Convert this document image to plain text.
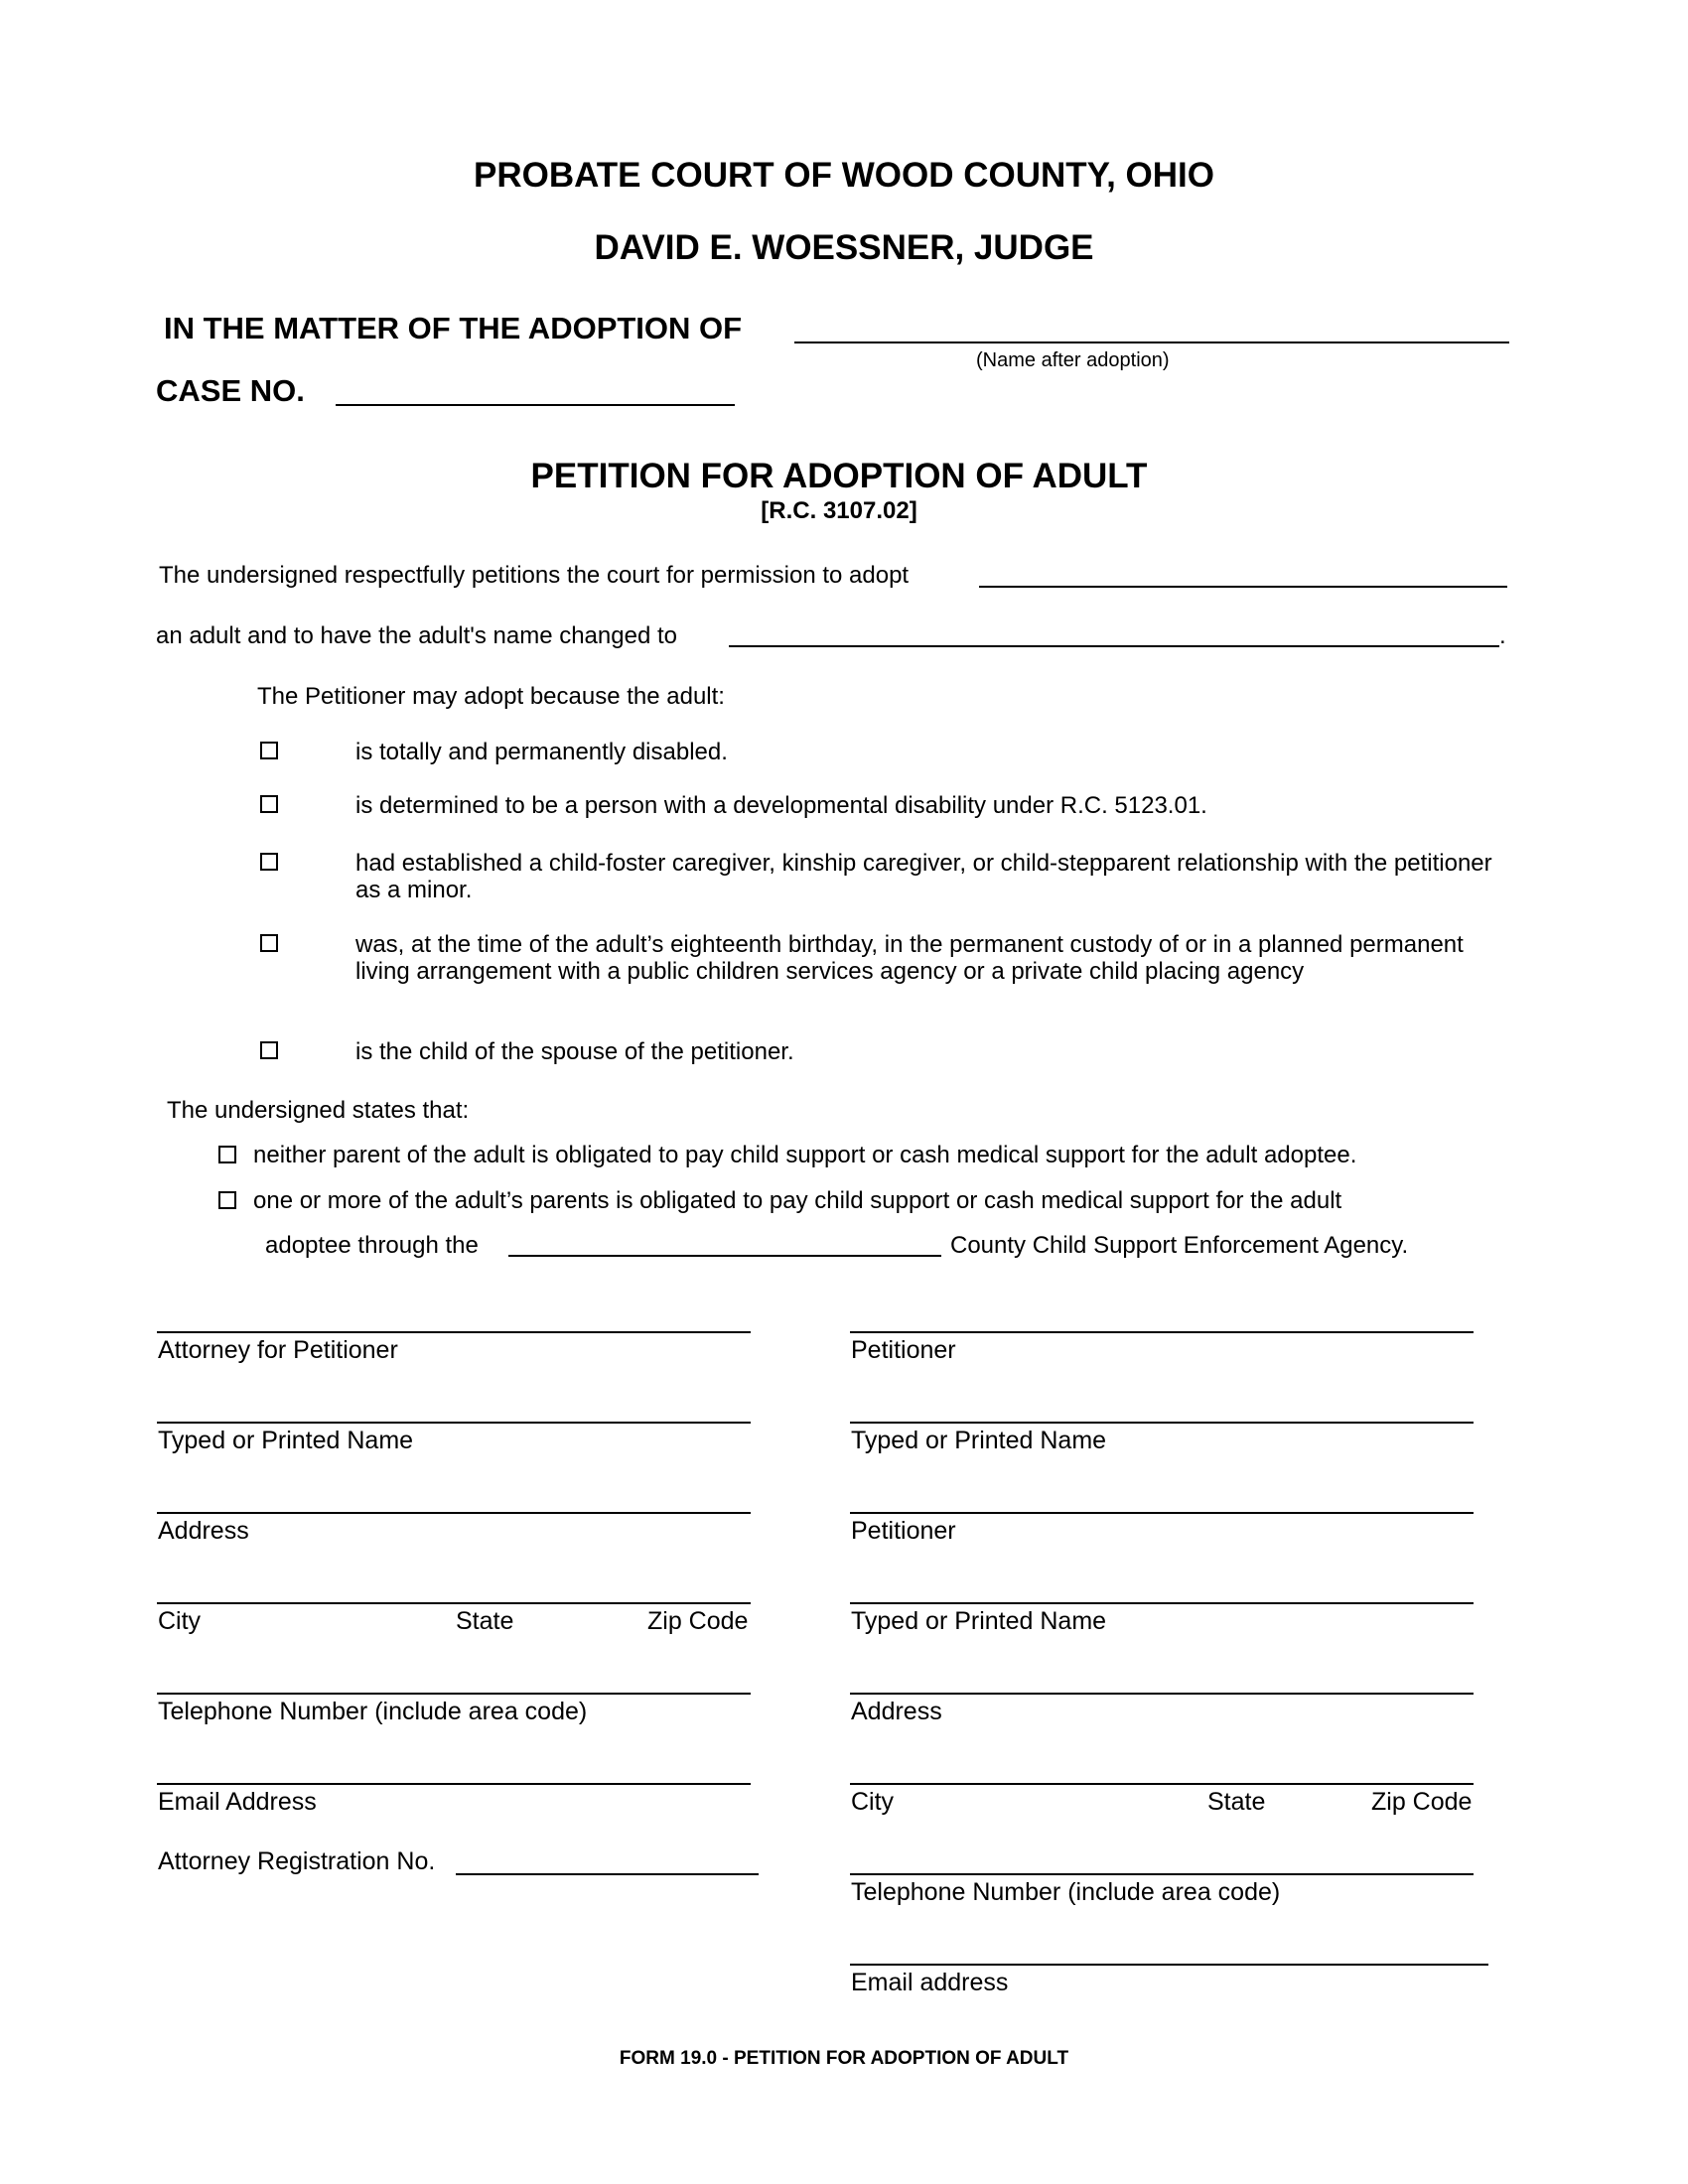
PROBATE COURT OF WOOD COUNTY, OHIO
DAVID E. WOESSNER, JUDGE
IN THE MATTER OF THE ADOPTION OF
(Name after adoption)
CASE NO.
PETITION FOR ADOPTION OF ADULT
[R.C. 3107.02]
The undersigned respectfully petitions the court for permission to adopt
an adult and to have the adult's name changed to	.
The Petitioner may adopt because the adult:
is totally and permanently disabled.
is determined to be a person with a developmental disability under R.C. 5123.01.
had established a child-foster caregiver, kinship caregiver, or child-stepparent relationship with the petitioner as a minor.
was, at the time of the adult’s eighteenth birthday, in the permanent custody of or in a planned permanent living arrangement with a public children services agency or a private child placing agency
is the child of the spouse of the petitioner.
The undersigned states that:
neither parent of the adult is obligated to pay child support or cash medical support for the adult adoptee.
one or more of the adult’s parents is obligated to pay child support or cash medical support for the adult
adoptee through the	County Child Support Enforcement Agency.
Attorney for Petitioner
Typed or Printed Name
Address
City	State	Zip Code
Telephone Number (include area code)
Email Address
Attorney Registration No.
Petitioner
Typed or Printed Name
Petitioner
Typed or Printed Name
Address
City	State	Zip Code
Telephone Number (include area code)
Email address
FORM 19.0 - PETITION FOR ADOPTION OF ADULT
